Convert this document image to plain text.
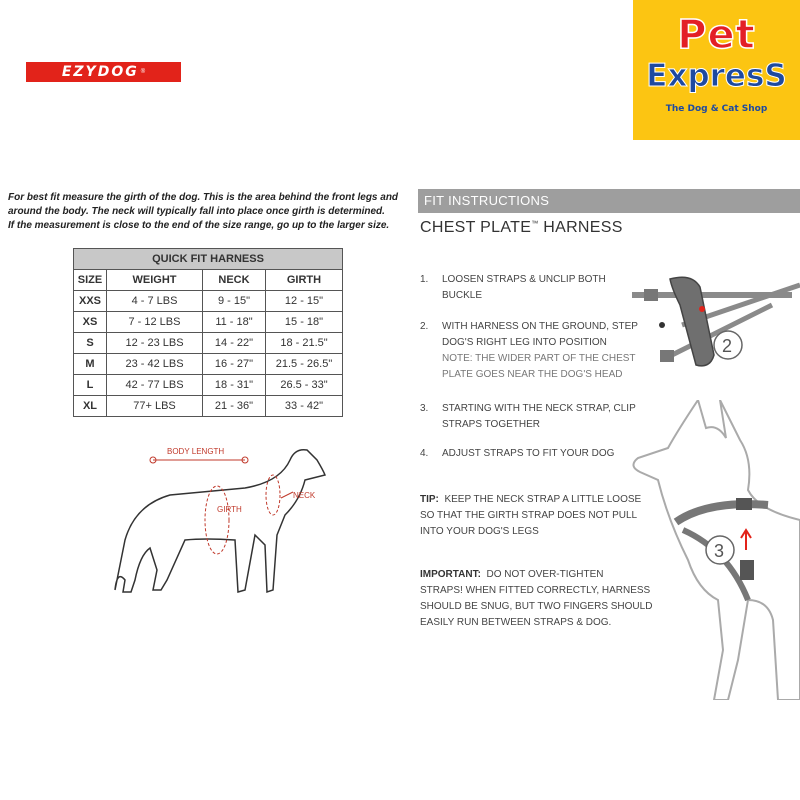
EZYDOG ®
Pet
ExpresS
The Dog & Cat Shop
For best fit measure the girth of the dog. This is the area behind the front legs and
around the body. The neck will typically fall into place once girth is determined.
If the measurement is close to the end of the size range, go up to the larger size.
QUICK FIT HARNESS			
SIZE	WEIGHT	NECK	GIRTH
XXS	4 - 7 LBS	9 - 15"	12 - 15"
XS	7 - 12 LBS	11 - 18"	15 - 18"
S	12 - 23 LBS	14 - 22"	18 - 21.5"
M	23 - 42 LBS	16 - 27"	21.5 - 26.5"
L	42 - 77 LBS	18 - 31"	26.5 - 33"
XL	77+ LBS	21 - 36"	33 - 42"
BODY LENGTH
GIRTH
NECK
FIT INSTRUCTIONS
CHEST PLATE™ HARNESS
1. LOOSEN STRAPS & UNCLIP BOTH
BUCKLE
2. WITH HARNESS ON THE GROUND, STEP
DOG'S RIGHT LEG INTO POSITION
NOTE: THE WIDER PART OF THE CHEST
PLATE GOES NEAR THE DOG'S HEAD
3. STARTING WITH THE NECK STRAP, CLIP
STRAPS TOGETHER
4. ADJUST STRAPS TO FIT YOUR DOG
TIP: KEEP THE NECK STRAP A LITTLE LOOSE
SO THAT THE GIRTH STRAP DOES NOT PULL
INTO YOUR DOG'S LEGS
IMPORTANT: DO NOT OVER-TIGHTEN
STRAPS! WHEN FITTED CORRECTLY, HARNESS
SHOULD BE SNUG, BUT TWO FINGERS SHOULD
EASILY RUN BETWEEN STRAPS & DOG.
2
3
